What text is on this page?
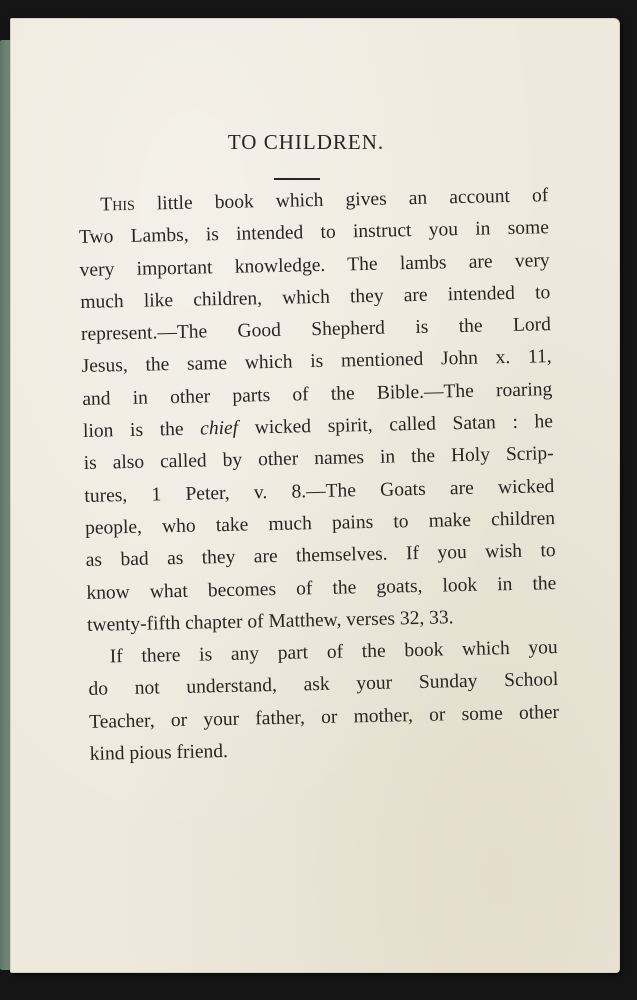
TO CHILDREN.
This little book which gives an account of
Two Lambs, is intended to instruct you in some
very important knowledge. The lambs are very
much like children, which they are intended to
represent.—The Good Shepherd is the Lord
Jesus, the same which is mentioned John x. 11,
and in other parts of the Bible.—The roaring
lion is the chief wicked spirit, called Satan : he
is also called by other names in the Holy Scrip-
tures, 1 Peter, v. 8.—The Goats are wicked
people, who take much pains to make children
as bad as they are themselves. If you wish to
know what becomes of the goats, look in the
twenty-fifth chapter of Matthew, verses 32, 33.
If there is any part of the book which you
do not understand, ask your Sunday School
Teacher, or your father, or mother, or some other
kind pious friend.
